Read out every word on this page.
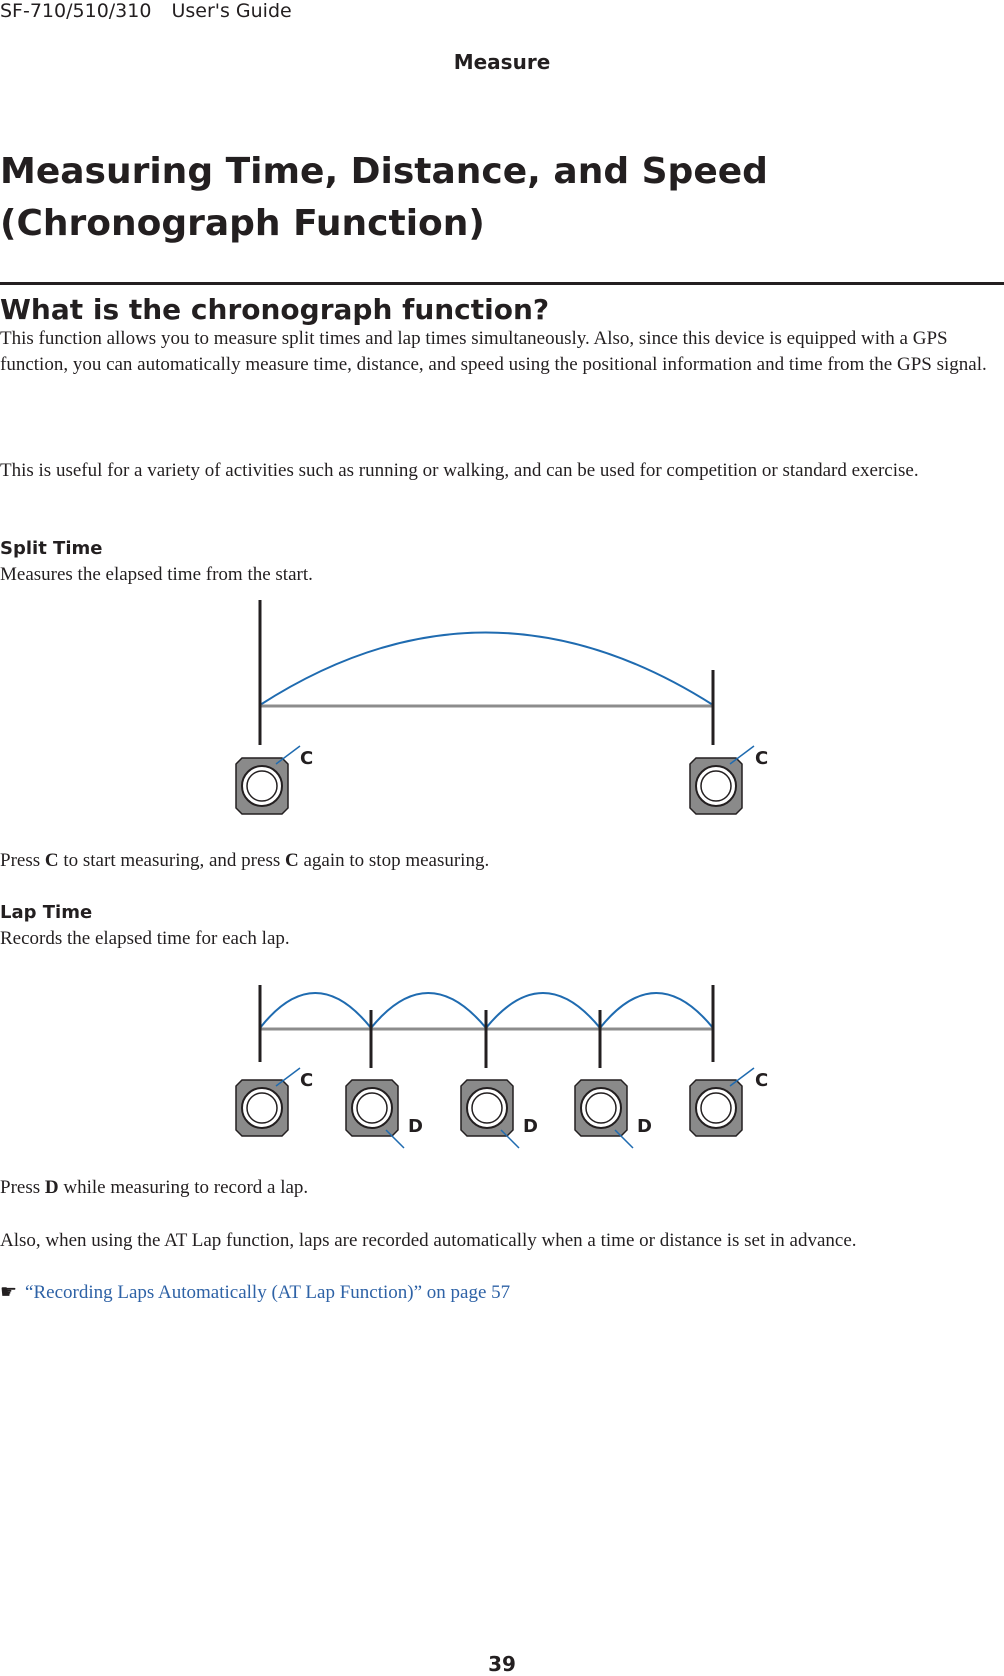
SF-710/510/310 User's Guide
Measure
Measuring Time, Distance, and Speed (Chronograph Function)
What is the chronograph function?

This function allows you to measure split times and lap times simultaneously. Also, since this device is equipped with a GPS function, you can automatically measure time, distance, and speed using the positional information and time from the GPS signal.

This is useful for a variety of activities such as running or walking, and can be used for competition or standard exercise.

Split Time

Measures the elapsed time from the start.

C	C

Press C to start measuring, and press C again to stop measuring.

Lap Time

Records the elapsed time for each lap.

C
D	D	D
C

Press D while measuring to record a lap.

Also, when using the AT Lap function, laps are recorded automatically when a time or distance is set in advance.

☛ “Recording Laps Automatically (AT Lap Function)” on page 57
39
